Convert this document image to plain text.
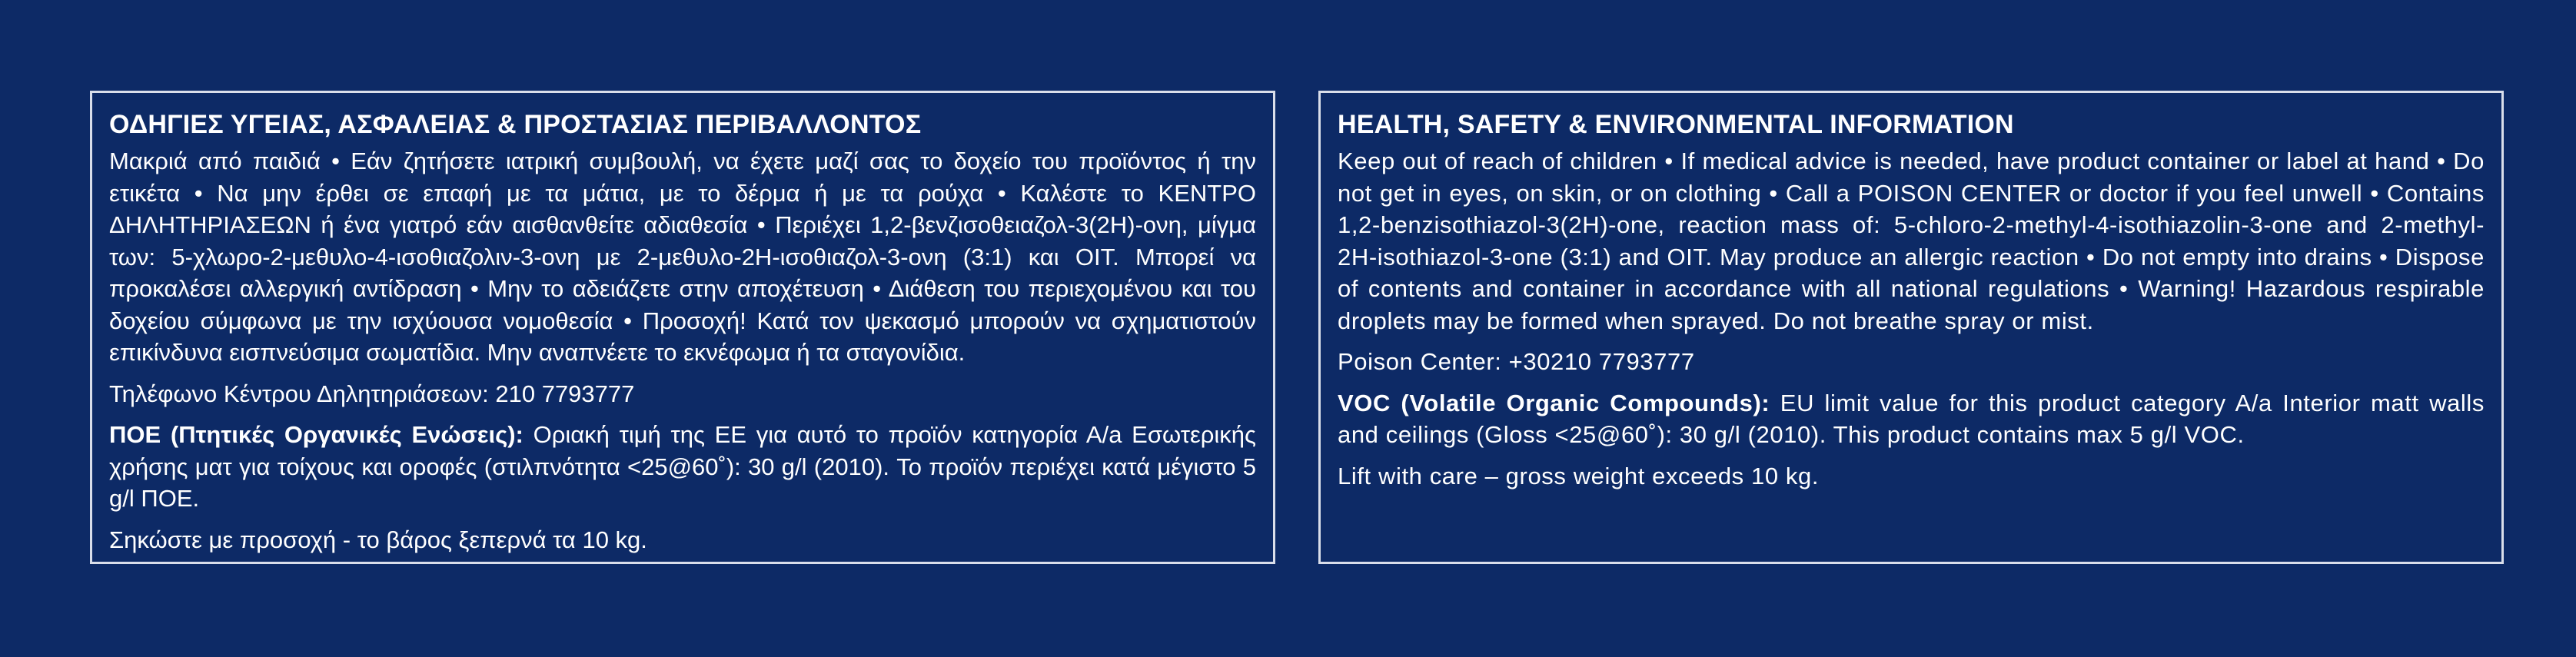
ΟΔΗΓΙΕΣ ΥΓΕΙΑΣ, ΑΣΦΑΛΕΙΑΣ & ΠΡΟΣΤΑΣΙΑΣ ΠΕΡΙΒΑΛΛΟΝΤΟΣ

Μακριά από παιδιά • Εάν ζητήσετε ιατρική συμβουλή, να έχετε μαζί σας το δοχείο του προϊόντος ή την ετικέτα • Να μην έρθει σε επαφή με τα μάτια, με το δέρμα ή με τα ρούχα • Καλέστε το ΚΕΝΤΡΟ ΔΗΛΗΤΗΡΙΑΣΕΩΝ ή ένα γιατρό εάν αισθανθείτε αδιαθεσία • Περιέχει 1,2-βενζισοθειαζολ-3(2Η)-ονη, μίγμα των: 5-χλωρο-2-μεθυλο-4-ισοθιαζολιν-3-ονη με 2-μεθυλο-2Η-ισοθιαζολ-3-ονη (3:1) και OIT. Μπορεί να προκαλέσει αλλεργική αντίδραση • Μην το αδειάζετε στην αποχέτευση • Διάθεση του περιεχομένου και του δοχείου σύμφωνα με την ισχύουσα νομοθεσία • Προσοχή! Κατά τον ψεκασμό μπορούν να σχηματιστούν επικίνδυνα εισπνεύσιμα σωματίδια. Μην αναπνέετε το εκνέφωμα ή τα σταγονίδια.

Τηλέφωνο Κέντρου Δηλητηριάσεων: 210 7793777

ΠΟΕ (Πτητικές Οργανικές Ενώσεις): Οριακή τιμή της ΕΕ για αυτό το προϊόν κατηγορία Α/a Εσωτερικής χρήσης ματ για τοίχους και οροφές (στιλπνότητα <25@60˚): 30 g/l (2010). Το προϊόν περιέχει κατά μέγιστο 5 g/l ΠΟΕ.

Σηκώστε με προσοχή - το βάρος ξεπερνά τα 10 kg.

HEALTH, SAFETY & ENVIRONMENTAL INFORMATION

Keep out of reach of children • If medical advice is needed, have product container or label at hand • Do not get in eyes, on skin, or on clothing • Call a POISON CENTER or doctor if you feel unwell • Contains 1,2-benzisothiazol-3(2H)-one, reaction mass of: 5-chloro-2-methyl-4-isothiazolin-3-one and 2-methyl-2H-isothiazol-3-one (3:1) and OIT. May produce an allergic reaction • Do not empty into drains • Dispose of contents and container in accordance with all national regulations • Warning! Hazardous respirable droplets may be formed when sprayed. Do not breathe spray or mist.

Poison Center: +30210 7793777

VOC (Volatile Organic Compounds): EU limit value for this product category A/a Interior matt walls and ceilings (Gloss <25@60˚): 30 g/l (2010). This product contains max 5 g/l VOC.

Lift with care – gross weight exceeds 10 kg.
